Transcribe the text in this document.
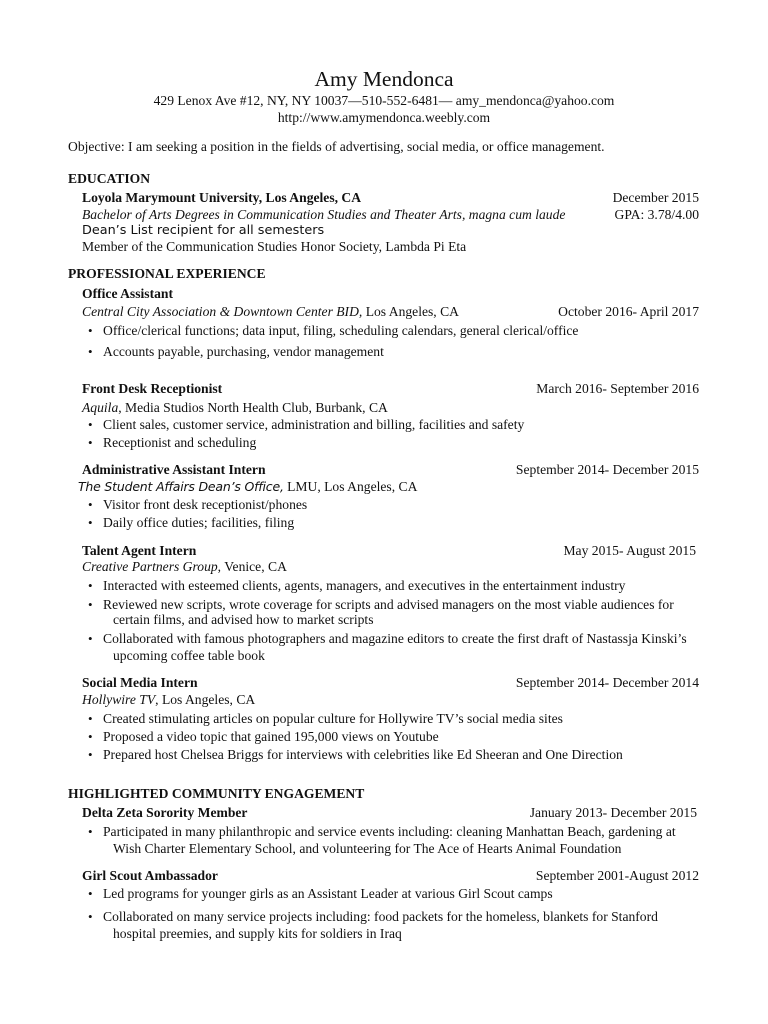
Amy Mendonca
429 Lenox Ave #12, NY, NY 10037—510-552-6481— amy_mendonca@yahoo.com
http://www.amymendonca.weebly.com
Objective: I am seeking a position in the fields of advertising, social media, or office management.
EDUCATION
Loyola Marymount University, Los Angeles, CA	December 2015
Bachelor of Arts Degrees in Communication Studies and Theater Arts, magna cum laude	GPA: 3.78/4.00
Dean’s List recipient for all semesters
Member of the Communication Studies Honor Society, Lambda Pi Eta
PROFESSIONAL EXPERIENCE
Office Assistant
Central City Association & Downtown Center BID, Los Angeles, CA	October 2016- April 2017
• Office/clerical functions; data input, filing, scheduling calendars, general clerical/office
• Accounts payable, purchasing, vendor management
Front Desk Receptionist	March 2016- September 2016
Aquila, Media Studios North Health Club, Burbank, CA
• Client sales, customer service, administration and billing, facilities and safety
• Receptionist and scheduling
Administrative Assistant Intern	September 2014- December 2015
The Student Affairs Dean’s Office, LMU, Los Angeles, CA
• Visitor front desk receptionist/phones
• Daily office duties; facilities, filing
Talent Agent Intern	May 2015- August 2015
Creative Partners Group, Venice, CA
• Interacted with esteemed clients, agents, managers, and executives in the entertainment industry
• Reviewed new scripts, wrote coverage for scripts and advised managers on the most viable audiences for
certain films, and advised how to market scripts
• Collaborated with famous photographers and magazine editors to create the first draft of Nastassja Kinski’s
upcoming coffee table book
Social Media Intern	September 2014- December 2014
Hollywire TV, Los Angeles, CA
• Created stimulating articles on popular culture for Hollywire TV’s social media sites
• Proposed a video topic that gained 195,000 views on Youtube
• Prepared host Chelsea Briggs for interviews with celebrities like Ed Sheeran and One Direction
HIGHLIGHTED COMMUNITY ENGAGEMENT
Delta Zeta Sorority Member	January 2013- December 2015
• Participated in many philanthropic and service events including: cleaning Manhattan Beach, gardening at
Wish Charter Elementary School, and volunteering for The Ace of Hearts Animal Foundation
Girl Scout Ambassador	September 2001-August 2012
• Led programs for younger girls as an Assistant Leader at various Girl Scout camps
• Collaborated on many service projects including: food packets for the homeless, blankets for Stanford
hospital preemies, and supply kits for soldiers in Iraq
